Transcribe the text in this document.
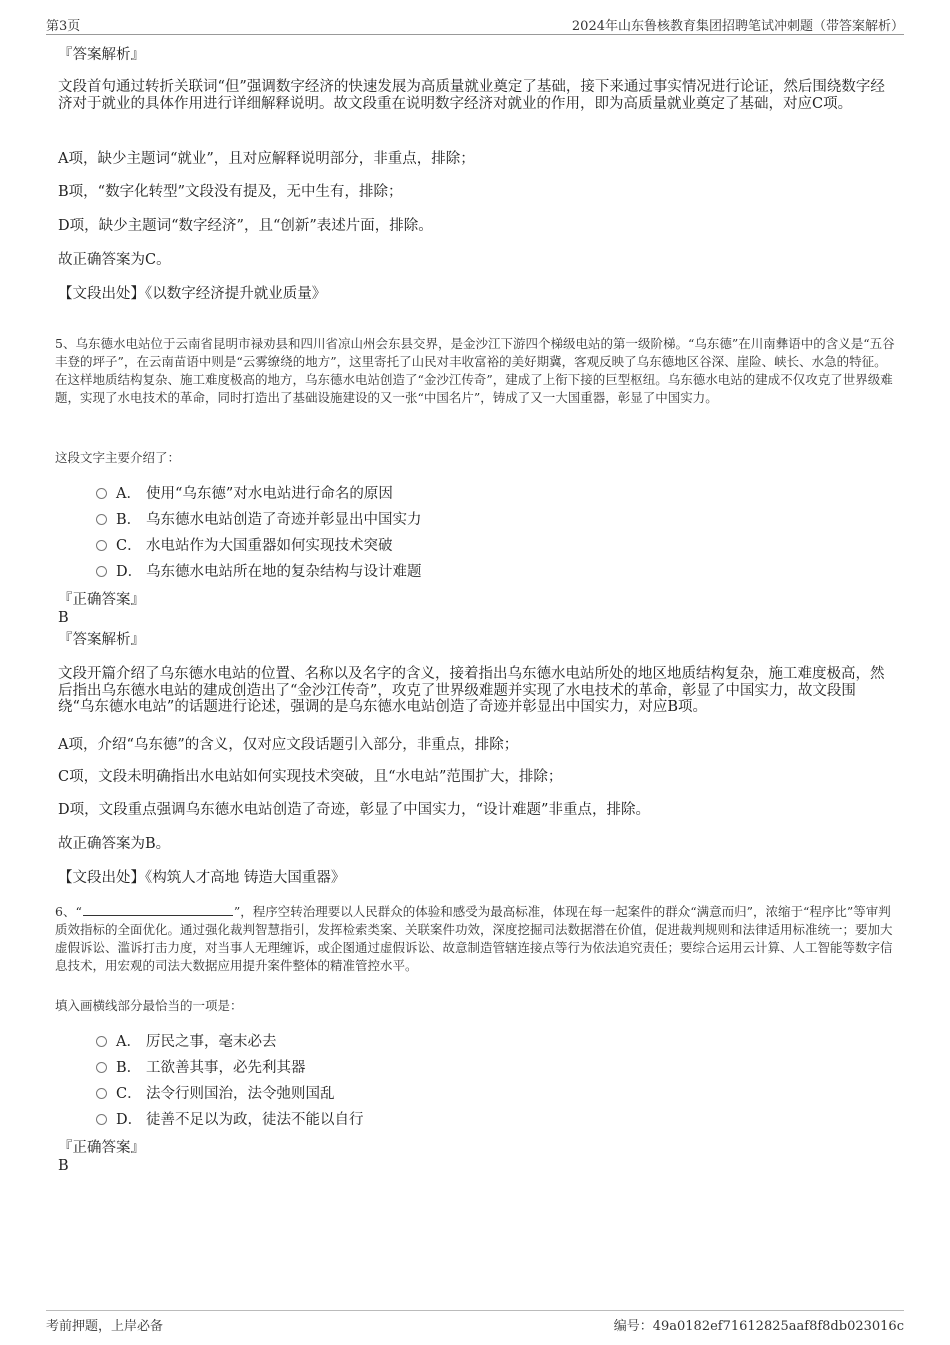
第3页	2024年山东鲁核教育集团招聘笔试冲刺题（带答案解析）

『答案解析』

文段首句通过转折关联词“但”强调数字经济的快速发展为高质量就业奠定了基础，接下来通过事实情况进行论证，然后围绕数字经济对于就业的具体作用进行详细解释说明。故文段重在说明数字经济对就业的作用，即为高质量就业奠定了基础，对应C项。

A项，缺少主题词“就业”，且对应解释说明部分，非重点，排除；

B项，“数字化转型”文段没有提及，无中生有，排除；

D项，缺少主题词“数字经济”，且“创新”表述片面，排除。

故正确答案为C。

【文段出处】《以数字经济提升就业质量》

5、乌东德水电站位于云南省昆明市禄劝县和四川省凉山州会东县交界，是金沙江下游四个梯级电站的第一级阶梯。“乌东德”在川南彝语中的含义是“五谷丰登的坪子”，在云南苗语中则是“云雾缭绕的地方”，这里寄托了山民对丰收富裕的美好期冀，客观反映了乌东德地区谷深、崖险、峡长、水急的特征。在这样地质结构复杂、施工难度极高的地方，乌东德水电站创造了“金沙江传奇”，建成了上衔下接的巨型枢纽。乌东德水电站的建成不仅攻克了世界级难题，实现了水电技术的革命，同时打造出了基础设施建设的又一张“中国名片”，铸成了又一大国重器，彰显了中国实力。

这段文字主要介绍了：

A． 使用“乌东德”对水电站进行命名的原因
B． 乌东德水电站创造了奇迹并彰显出中国实力
C． 水电站作为大国重器如何实现技术突破
D． 乌东德水电站所在地的复杂结构与设计难题

『正确答案』

B

『答案解析』

文段开篇介绍了乌东德水电站的位置、名称以及名字的含义，接着指出乌东德水电站所处的地区地质结构复杂，施工难度极高，然后指出乌东德水电站的建成创造出了“金沙江传奇”，攻克了世界级难题并实现了水电技术的革命，彰显了中国实力，故文段围绕“乌东德水电站”的话题进行论述，强调的是乌东德水电站创造了奇迹并彰显出中国实力，对应B项。

A项，介绍“乌东德”的含义，仅对应文段话题引入部分，非重点，排除；

C项，文段未明确指出水电站如何实现技术突破，且“水电站”范围扩大，排除；

D项，文段重点强调乌东德水电站创造了奇迹，彰显了中国实力，“设计难题”非重点，排除。

故正确答案为B。

【文段出处】《构筑人才高地 铸造大国重器》

6、“	”，程序空转治理要以人民群众的体验和感受为最高标准，体现在每一起案件的群众“满意而归”，浓缩于“程序比”等审判质效指标的全面优化。通过强化裁判智慧指引，发挥检索类案、关联案件功效，深度挖掘司法数据潜在价值，促进裁判规则和法律适用标准统一；要加大虚假诉讼、滥诉打击力度，对当事人无理缠诉，或企图通过虚假诉讼、故意制造管辖连接点等行为依法追究责任；要综合运用云计算、人工智能等数字信息技术，用宏观的司法大数据应用提升案件整体的精准管控水平。

填入画横线部分最恰当的一项是：

A． 厉民之事，毫末必去
B． 工欲善其事，必先利其器
C． 法令行则国治，法令弛则国乱
D． 徒善不足以为政，徒法不能以自行

『正确答案』

B

考前押题，上岸必备	编号：49a0182ef71612825aaf8f8db023016c
